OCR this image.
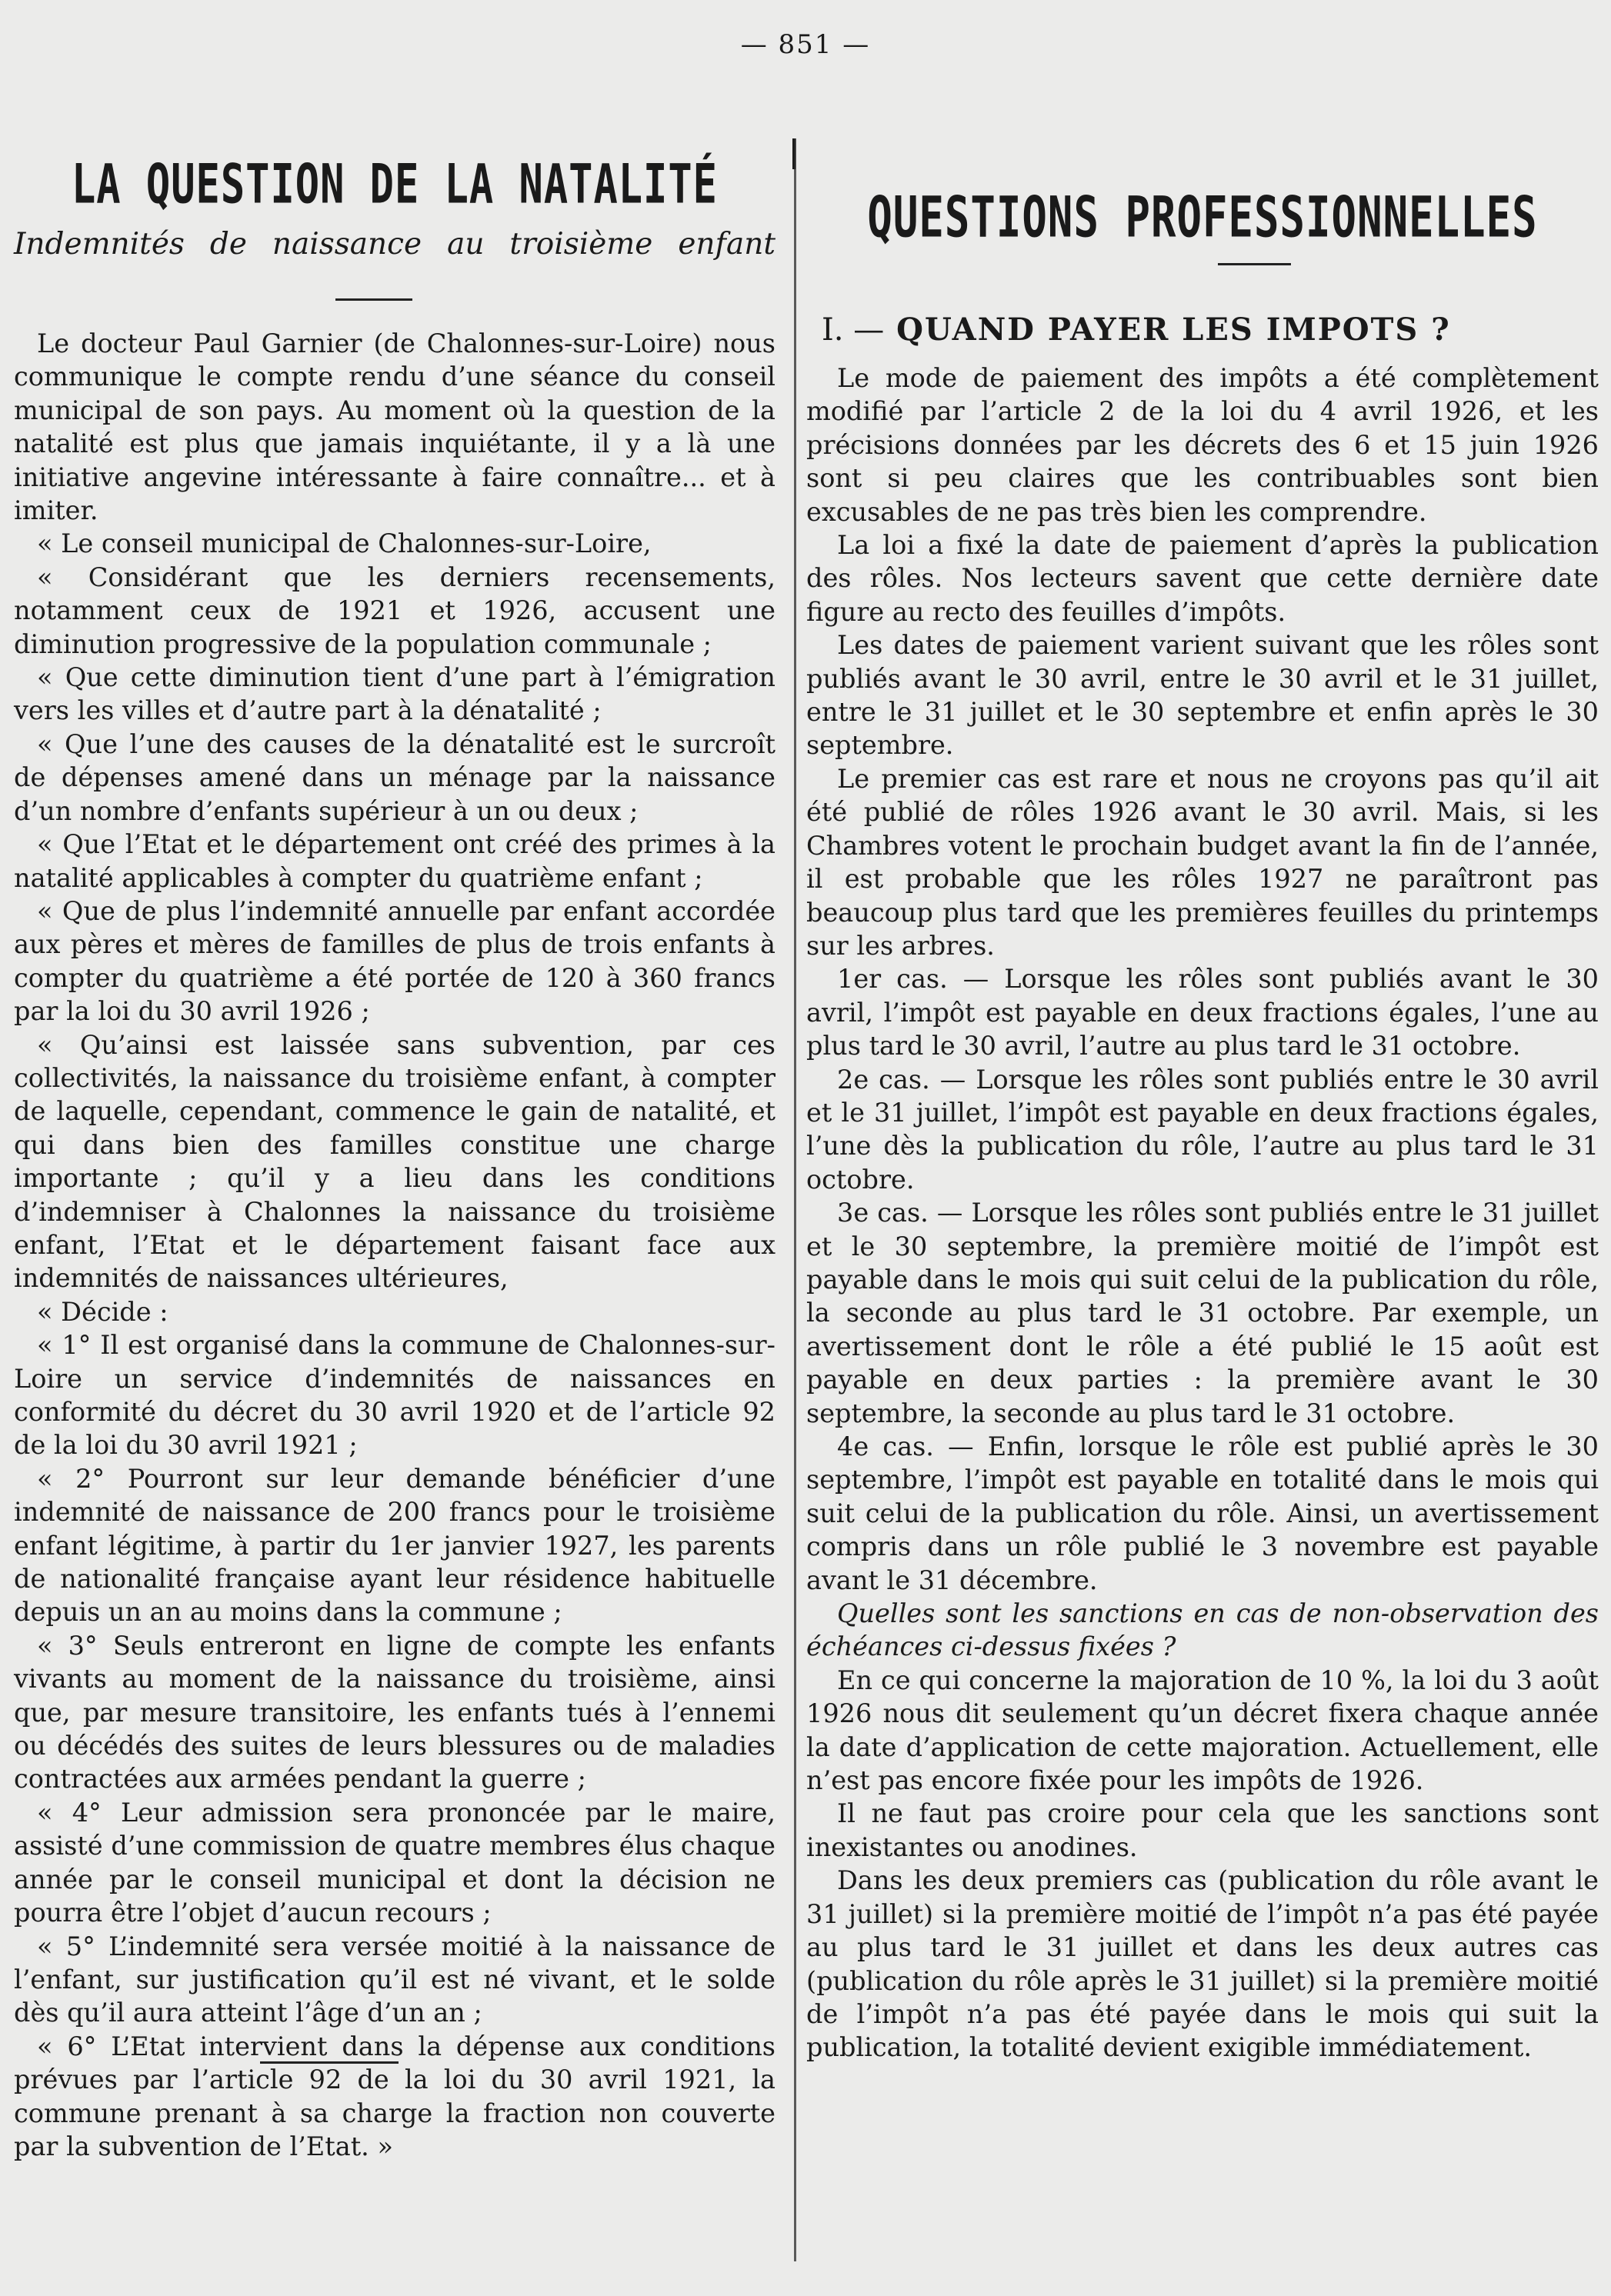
— 851 —
LA QUESTION DE LA NATALITÉ
Indemnités de naissance au troisième enfant

Le docteur Paul Garnier (de Chalonnes-sur-Loire) nous communique le compte rendu d’une séance du conseil municipal de son pays. Au moment où la question de la natalité est plus que jamais inquiétante, il y a là une initiative angevine intéressante à faire connaître... et à imiter.

« Le conseil municipal de Chalonnes-sur-Loire,

« Considérant que les derniers recensements, notamment ceux de 1921 et 1926, accusent une diminution progressive de la population communale ;

« Que cette diminution tient d’une part à l’émigration vers les villes et d’autre part à la dénatalité ;

« Que l’une des causes de la dénatalité est le surcroît de dépenses amené dans un ménage par la naissance d’un nombre d’enfants supérieur à un ou deux ;

« Que l’Etat et le département ont créé des primes à la natalité applicables à compter du quatrième enfant ;

« Que de plus l’indemnité annuelle par enfant accordée aux pères et mères de familles de plus de trois enfants à compter du quatrième a été portée de 120 à 360 francs par la loi du 30 avril 1926 ;

« Qu’ainsi est laissée sans subvention, par ces collectivités, la naissance du troisième enfant, à compter de laquelle, cependant, commence le gain de natalité, et qui dans bien des familles constitue une charge importante ; qu’il y a lieu dans les conditions d’indemniser à Chalonnes la naissance du troisième enfant, l’Etat et le département faisant face aux indemnités de naissances ultérieures,

« Décide :

« 1° Il est organisé dans la commune de Chalonnes-sur-Loire un service d’indemnités de naissances en conformité du décret du 30 avril 1920 et de l’article 92 de la loi du 30 avril 1921 ;

« 2° Pourront sur leur demande bénéficier d’une indemnité de naissance de 200 francs pour le troisième enfant légitime, à partir du 1er janvier 1927, les parents de nationalité française ayant leur résidence habituelle depuis un an au moins dans la commune ;

« 3° Seuls entreront en ligne de compte les enfants vivants au moment de la naissance du troisième, ainsi que, par mesure transitoire, les enfants tués à l’ennemi ou décédés des suites de leurs blessures ou de maladies contractées aux armées pendant la guerre ;

« 4° Leur admission sera prononcée par le maire, assisté d’une commission de quatre membres élus chaque année par le conseil municipal et dont la décision ne pourra être l’objet d’aucun recours ;

« 5° L’indemnité sera versée moitié à la naissance de l’enfant, sur justification qu’il est né vivant, et le solde dès qu’il aura atteint l’âge d’un an ;

« 6° L’Etat intervient dans la dépense aux conditions prévues par l’article 92 de la loi du 30 avril 1921, la commune prenant à sa charge la fraction non couverte par la subvention de l’Etat. »

QUESTIONS PROFESSIONNELLES
I. — QUAND PAYER LES IMPOTS ?

Le mode de paiement des impôts a été complètement modifié par l’article 2 de la loi du 4 avril 1926, et les précisions données par les décrets des 6 et 15 juin 1926 sont si peu claires que les contribuables sont bien excusables de ne pas très bien les comprendre.

La loi a fixé la date de paiement d’après la publication des rôles. Nos lecteurs savent que cette dernière date figure au recto des feuilles d’impôts.

Les dates de paiement varient suivant que les rôles sont publiés avant le 30 avril, entre le 30 avril et le 31 juillet, entre le 31 juillet et le 30 septembre et enfin après le 30 septembre.

Le premier cas est rare et nous ne croyons pas qu’il ait été publié de rôles 1926 avant le 30 avril. Mais, si les Chambres votent le prochain budget avant la fin de l’année, il est probable que les rôles 1927 ne paraîtront pas beaucoup plus tard que les premières feuilles du printemps sur les arbres.

1er cas. — Lorsque les rôles sont publiés avant le 30 avril, l’impôt est payable en deux fractions égales, l’une au plus tard le 30 avril, l’autre au plus tard le 31 octobre.

2e cas. — Lorsque les rôles sont publiés entre le 30 avril et le 31 juillet, l’impôt est payable en deux fractions égales, l’une dès la publication du rôle, l’autre au plus tard le 31 octobre.

3e cas. — Lorsque les rôles sont publiés entre le 31 juillet et le 30 septembre, la première moitié de l’impôt est payable dans le mois qui suit celui de la publication du rôle, la seconde au plus tard le 31 octobre. Par exemple, un avertissement dont le rôle a été publié le 15 août est payable en deux parties : la première avant le 30 septembre, la seconde au plus tard le 31 octobre.

4e cas. — Enfin, lorsque le rôle est publié après le 30 septembre, l’impôt est payable en totalité dans le mois qui suit celui de la publication du rôle. Ainsi, un avertissement compris dans un rôle publié le 3 novembre est payable avant le 31 décembre.

Quelles sont les sanctions en cas de non-observation des échéances ci-dessus fixées ?

En ce qui concerne la majoration de 10 %, la loi du 3 août 1926 nous dit seulement qu’un décret fixera chaque année la date d’application de cette majoration. Actuellement, elle n’est pas encore fixée pour les impôts de 1926.

Il ne faut pas croire pour cela que les sanctions sont inexistantes ou anodines.

Dans les deux premiers cas (publication du rôle avant le 31 juillet) si la première moitié de l’impôt n’a pas été payée au plus tard le 31 juillet et dans les deux autres cas (publication du rôle après le 31 juillet) si la première moitié de l’impôt n’a pas été payée dans le mois qui suit la publication, la totalité devient exigible immédiatement.
